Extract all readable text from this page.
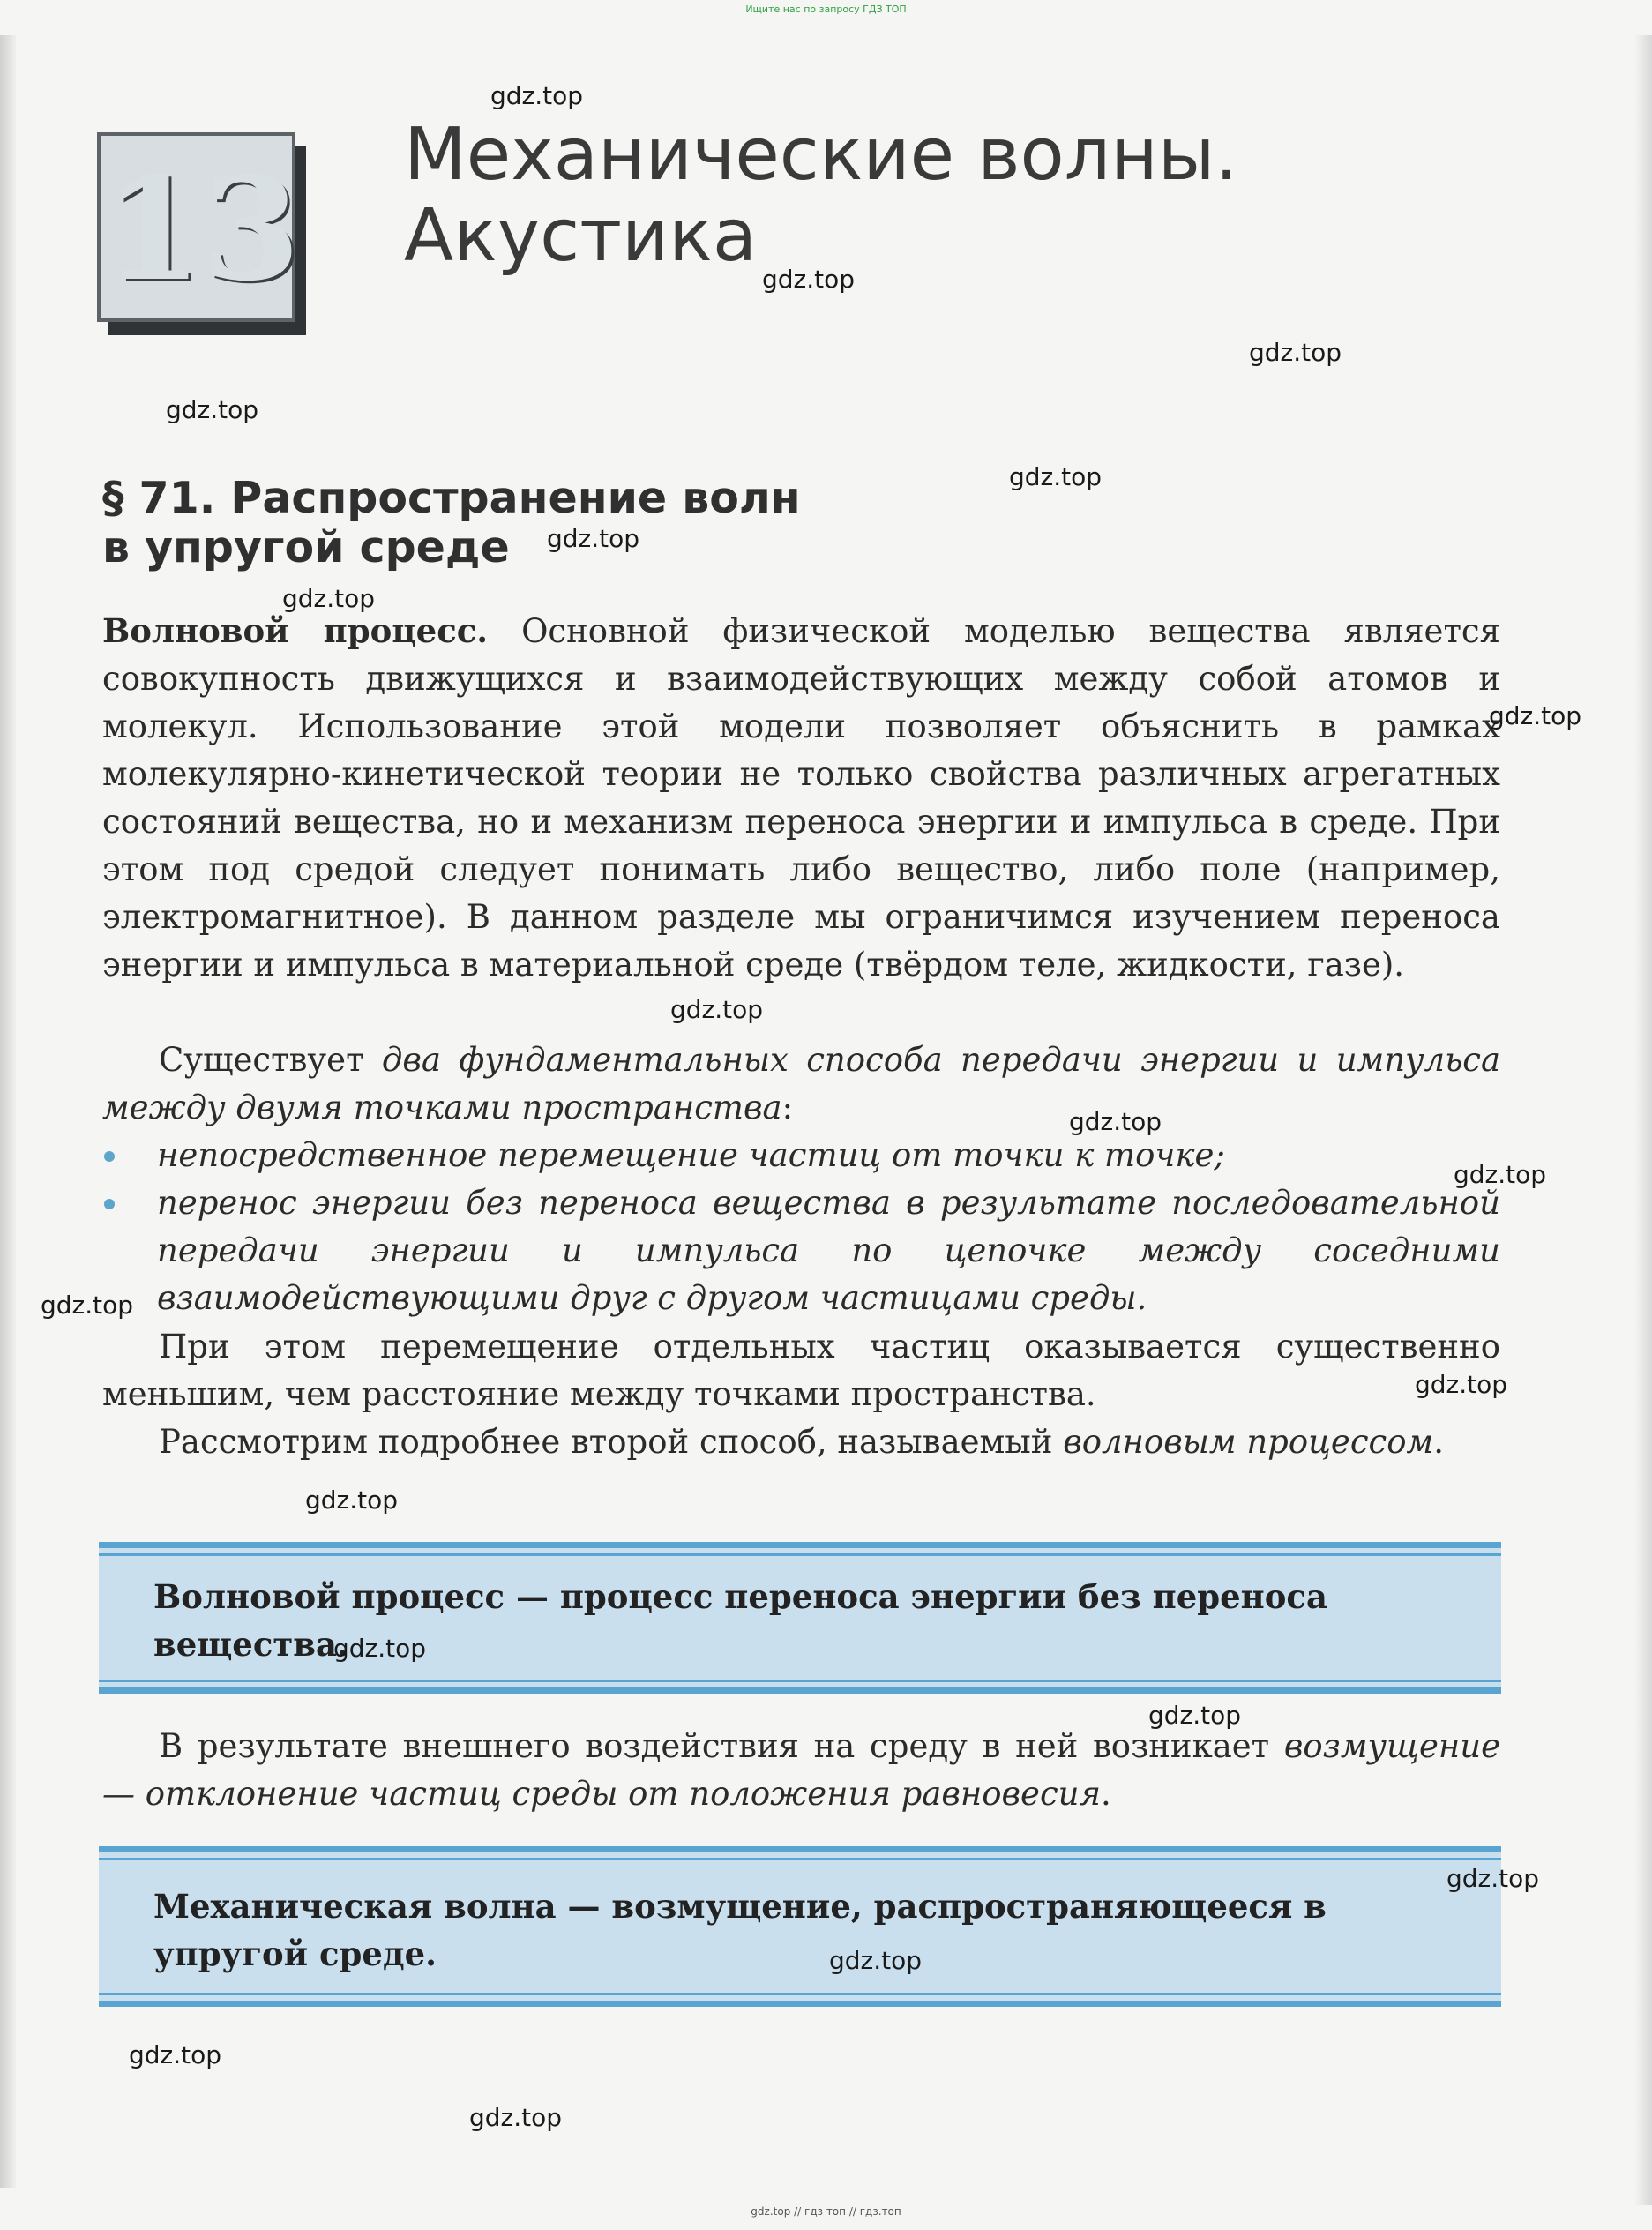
Ищите нас по запросу ГДЗ ТОП
13 Механические волны.
Акустика
§ 71. Распространение волн
в упругой среде
Волновой процесс. Основной физической моделью вещества является совокупность движущихся и взаимодействующих между собой атомов и молекул. Использование этой модели позволяет объяснить в рамках молекулярно-кинетической теории не только свойства различных агрегатных состояний вещества, но и механизм переноса энергии и импульса в среде. При этом под средой следует понимать либо вещество, либо поле (например, электромагнитное). В данном разделе мы ограничимся изучением переноса энергии и импульса в материальной среде (твёрдом теле, жидкости, газе).
Существует два фундаментальных способа передачи энергии и импульса между двумя точками пространства:
непосредственное перемещение частиц от точки к точке;
перенос энергии без переноса вещества в результате последовательной передачи энергии и импульса по цепочке между соседними взаимодействующими друг с другом частицами среды.
При этом перемещение отдельных частиц оказывается существенно меньшим, чем расстояние между точками пространства.
Рассмотрим подробнее второй способ, называемый волновым процессом.
Волновой процесс — процесс переноса энергии без переноса вещества.
В результате внешнего воздействия на среду в ней возникает возмущение — отклонение частиц среды от положения равновесия.
Механическая волна — возмущение, распространяющееся в упругой среде.
gdz.top
gdz.top
gdz.top
gdz.top
gdz.top
gdz.top
gdz.top
gdz.top
gdz.top
gdz.top
gdz.top
gdz.top
gdz.top
gdz.top
gdz.top
gdz.top
gdz.top
gdz.top
gdz.top
gdz.top
gdz.top // гдз топ // гдз.топ
